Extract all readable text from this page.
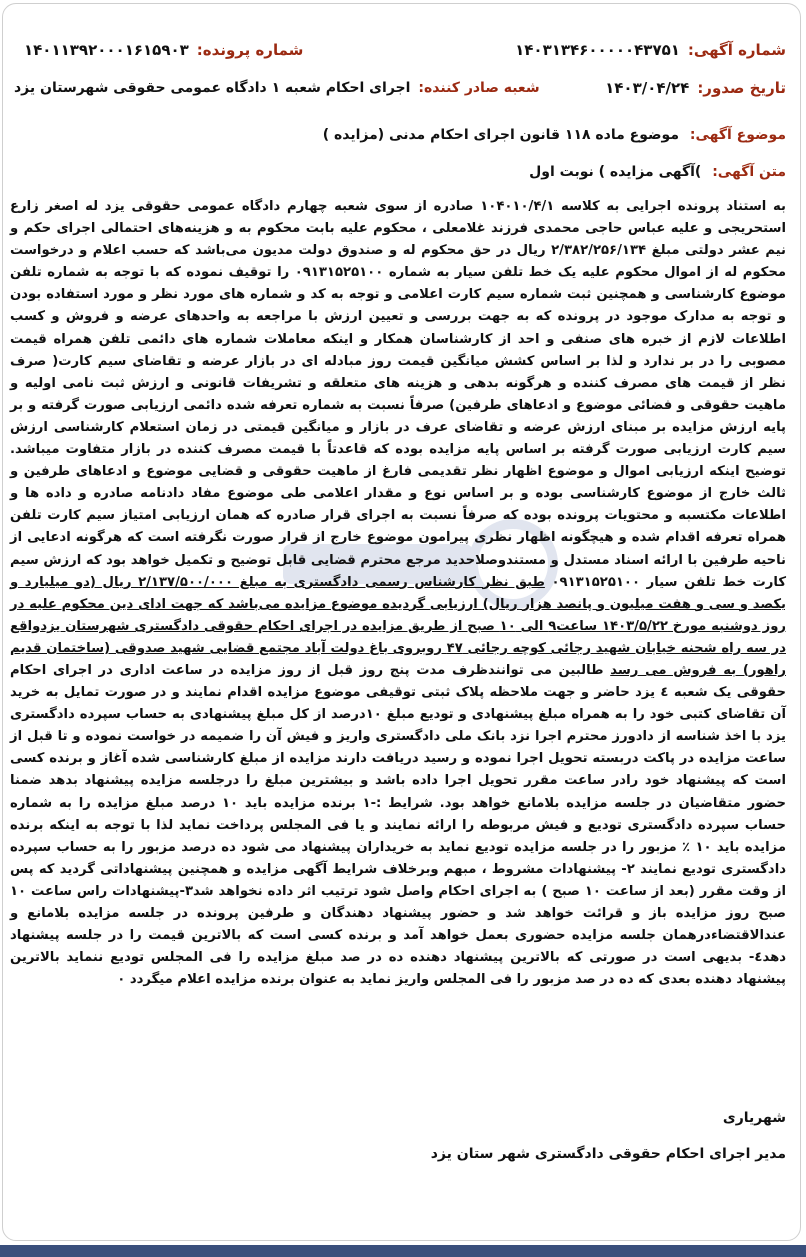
شماره آگهی:
۱۴۰۳۱۳۴۶۰۰۰۰۰۴۳۷۵۱
شماره پرونده:
۱۴۰۱۱۳۹۲۰۰۰۱۶۱۵۹۰۳
تاریخ صدور:
۱۴۰۳/۰۴/۲۴
شعبه صادر کننده:
اجرای احکام شعبه ۱ دادگاه عمومی حقوقی شهرستان یزد
موضوع آگهی: موضوع ماده ۱۱۸ قانون اجرای احکام مدنی (مزایده )
متن آگهی: )آگهی مزایده ) نوبت اول

به استناد پرونده اجرایی به کلاسه ۱۰۴۰۱۰/۴/۱ صادره از سوی شعبه چهارم دادگاه عمومی حقوقی یزد له اصغر زارع استحریجی و علیه عباس حاجی محمدی فرزند غلامعلی ، محکوم علیه بابت محکوم به و هزینه‌های احتمالی اجرای حکم و نیم عشر دولتی مبلغ ۲/۳۸۲/۲۵۶/۱۳۴ ریال در حق محکوم له و صندوق دولت مدیون می‌باشد که حسب اعلام و درخواست محکوم له از اموال محکوم علیه یک خط تلفن سیار به شماره ۰۹۱۳۱۵۲۵۱۰۰ را توقیف نموده که با توجه به شماره تلفن موضوع کارشناسی و همچنین ثبت شماره سیم کارت اعلامی و توجه به کد و شماره های مورد نظر و مورد استفاده بودن و توجه به مدارک موجود در پرونده که به جهت بررسی و تعیین ارزش با مراجعه به واحدهای عرضه و فروش و کسب اطلاعات لازم از خبره های صنفی و احد از کارشناسان همکار و اینکه معاملات شماره های دائمی تلفن همراه قیمت مصوبی را در بر ندارد و لذا بر اساس کشش میانگین قیمت روز مبادله ای در بازار عرضه و تقاضای سیم کارت( صرف نظر از قیمت های مصرف کننده و هرگونه بدهی و هزینه های متعلقه و تشریفات قانونی و ارزش ثبت نامی اولیه و ماهیت حقوقی و فضائی موضوع و ادعاهای طرفین) صرفاً نسبت به شماره تعرفه شده دائمی ارزیابی صورت گرفته و بر پایه ارزش مزایده بر مبنای ارزش عرضه و تقاضای عرف در بازار و میانگین قیمتی در زمان استعلام کارشناسی ارزش سیم کارت ارزیابی صورت گرفته بر اساس پایه مزایده بوده که قاعدتاً با قیمت مصرف کننده در بازار متفاوت میباشد. توضیح اینکه ارزیابی اموال و موضوع اظهار نظر تقدیمی فارغ از ماهیت حقوقی و قضایی موضوع و ادعاهای طرفین و ثالث خارج از موضوع کارشناسی بوده و بر اساس نوع و مقدار اعلامی طی موضوع مفاد دادنامه صادره و داده ها و اطلاعات مکتسبه و محتویات پرونده بوده که صرفاً نسبت به اجرای قرار صادره که همان ارزیابی امتیاز سیم کارت تلفن همراه تعرفه اقدام شده و هیچگونه اظهار نظری پیرامون موضوع خارج از قرار صورت نگرفته است که هرگونه ادعایی از ناحیه طرفین با ارائه اسناد مستدل و مستندوصلاحدید مرجع محترم قضایی قابل توضیح و تکمیل خواهد بود که ارزش سیم کارت خط تلفن سیار ۰۹۱۳۱۵۲۵۱۰۰ طبق نظر کارشناس رسمی دادگستری به مبلغ ۲/۱۳۷/۵۰۰/۰۰۰ ریال (دو میلیارد و یکصد و سی و هفت میلیون و پانصد هزار ریال) ارزیابی گردیده موضوع مزایده می‌باشد که جهت ادای دین محکوم علیه در روز دوشنبه مورخ ۱۴۰۳/۵/۲۲ ساعت۹ الی ۱۰ صبح از طریق مزایده در اجرای احکام حقوقی دادگستری شهرستان یزدواقع در سه راه شحنه خیابان شهید رجائی کوچه رجائی ۴۷ روبروی باغ دولت آباد مجتمع قضایی شهید صدوقی (ساختمان قدیم راهور) به فروش می رسد طالبین می توانندظرف مدت پنج روز قبل از روز مزایده در ساعت اداری در اجرای احکام حقوقی یک شعبه ٤ یزد حاضر و جهت ملاحظه پلاک ثبتی توقیفی موضوع مزایده اقدام نمایند و در صورت تمایل به خرید آن تقاضای کتبی خود را به همراه مبلغ پیشنهادی و تودیع مبلغ ۱۰درصد از کل مبلغ پیشنهادی به حساب سپرده دادگستری یزد با اخذ شناسه از دادورز محترم اجرا نزد بانک ملی دادگستری واریز و فیش آن را ضمیمه در خواست نموده و تا قبل از ساعت مزایده در پاکت دربسته تحویل اجرا نموده و رسید دریافت دارند مزایده از مبلغ کارشناسی شده آغاز و برنده کسی است که پیشنهاد خود رادر ساعت مقرر تحویل اجرا داده باشد و بیشترین مبلغ را درجلسه مزایده پیشنهاد بدهد ضمنا حضور متقاضیان در جلسه مزایده بلامانع خواهد بود. شرایط :-۱ برنده مزایده باید ۱۰ درصد مبلغ مزایده را به شماره حساب سپرده دادگستری تودیع و فیش مربوطه را ارائه نمایند و یا فی المجلس پرداخت نماید لذا با توجه به اینکه برنده مزایده باید ۱۰ ٪ مزبور را در جلسه مزایده تودیع نماید به خریداران پیشنهاد می شود ده درصد مزبور را به حساب سپرده دادگستری تودیع نمایند ۲- پیشنهادات مشروط ، مبهم وبرخلاف شرایط آگهی مزایده و همچنین پیشنهاداتی گردید که پس از وقت مقرر (بعد از ساعت ۱۰ صبح ) به اجرای احکام واصل شود ترتیب اثر داده نخواهد شد۳-پیشنهادات راس ساعت ۱۰ صبح روز مزایده باز و قرائت خواهد شد و حضور پیشنهاد دهندگان و طرفین پرونده در جلسه مزایده بلامانع و عندالاقتضاءدرهمان جلسه مزایده حضوری بعمل خواهد آمد و برنده کسی است که بالاترین قیمت را در جلسه پیشنهاد دهد٤- بدیهی است در صورتی که بالاترین پیشنهاد دهنده ده در صد مبلغ مزایده را فی المجلس تودیع ننماید بالاترین پیشنهاد دهنده بعدی که ده در صد مزبور را فی المجلس واریز نماید به عنوان برنده مزایده اعلام میگردد ۰

شهریاری
مدیر اجرای احکام حقوقی دادگستری شهر ستان یزد
